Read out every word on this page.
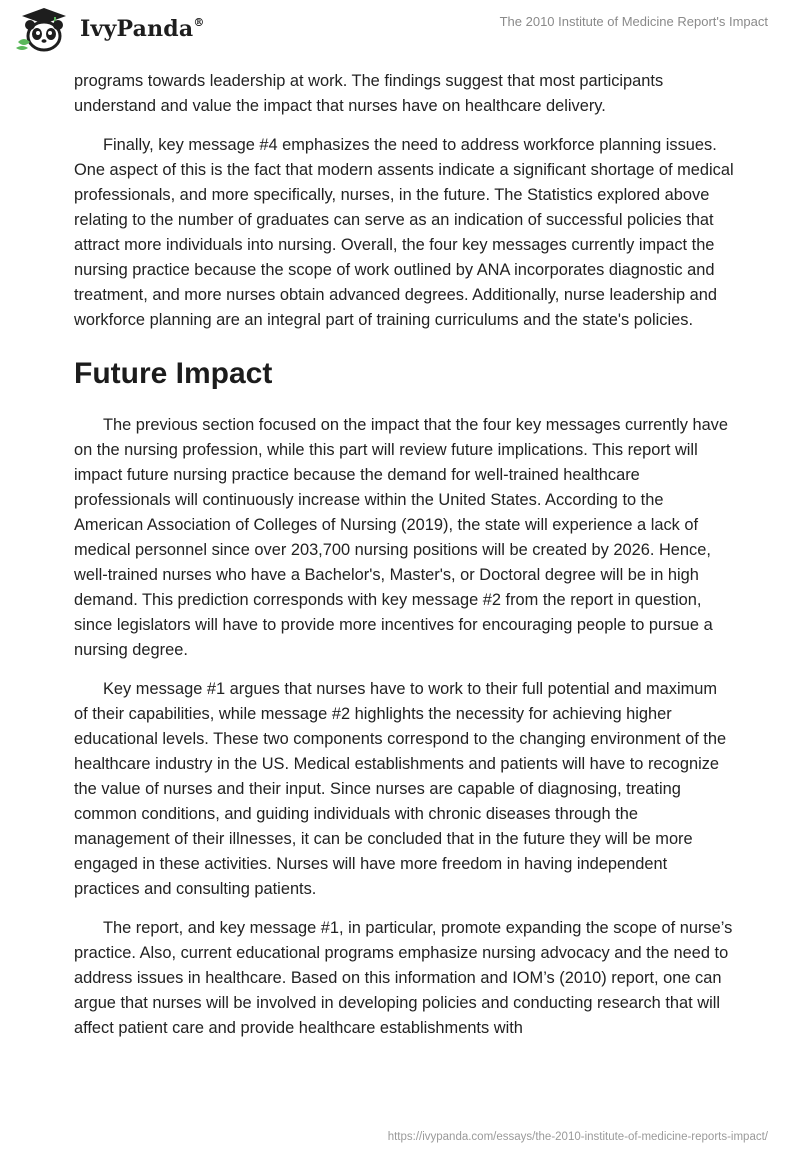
IvyPanda®	The 2010 Institute of Medicine Report's Impact

programs towards leadership at work. The findings suggest that most participants understand and value the impact that nurses have on healthcare delivery.

Finally, key message #4 emphasizes the need to address workforce planning issues. One aspect of this is the fact that modern assents indicate a significant shortage of medical professionals, and more specifically, nurses, in the future. The Statistics explored above relating to the number of graduates can serve as an indication of successful policies that attract more individuals into nursing. Overall, the four key messages currently impact the nursing practice because the scope of work outlined by ANA incorporates diagnostic and treatment, and more nurses obtain advanced degrees. Additionally, nurse leadership and workforce planning are an integral part of training curriculums and the state's policies.

Future Impact

The previous section focused on the impact that the four key messages currently have on the nursing profession, while this part will review future implications. This report will impact future nursing practice because the demand for well-trained healthcare professionals will continuously increase within the United States. According to the American Association of Colleges of Nursing (2019), the state will experience a lack of medical personnel since over 203,700 nursing positions will be created by 2026. Hence, well-trained nurses who have a Bachelor's, Master's, or Doctoral degree will be in high demand. This prediction corresponds with key message #2 from the report in question, since legislators will have to provide more incentives for encouraging people to pursue a nursing degree.

Key message #1 argues that nurses have to work to their full potential and maximum of their capabilities, while message #2 highlights the necessity for achieving higher educational levels. These two components correspond to the changing environment of the healthcare industry in the US. Medical establishments and patients will have to recognize the value of nurses and their input. Since nurses are capable of diagnosing, treating common conditions, and guiding individuals with chronic diseases through the management of their illnesses, it can be concluded that in the future they will be more engaged in these activities. Nurses will have more freedom in having independent practices and consulting patients.

The report, and key message #1, in particular, promote expanding the scope of nurse’s practice. Also, current educational programs emphasize nursing advocacy and the need to address issues in healthcare. Based on this information and IOM’s (2010) report, one can argue that nurses will be involved in developing policies and conducting research that will affect patient care and provide healthcare establishments with

https://ivypanda.com/essays/the-2010-institute-of-medicine-reports-impact/
